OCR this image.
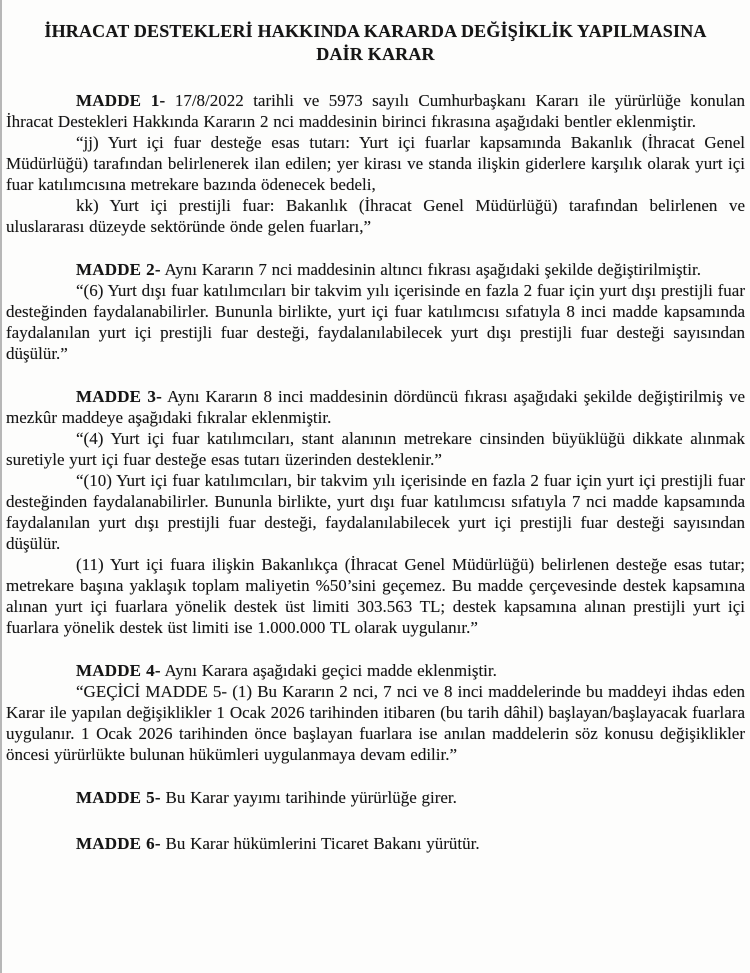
İHRACAT DESTEKLERİ HAKKINDA KARARDA DEĞİŞİKLİK YAPILMASINA
DAİR KARAR

MADDE 1- 17/8/2022 tarihli ve 5973 sayılı Cumhurbaşkanı Kararı ile yürürlüğe konulan İhracat Destekleri Hakkında Kararın 2 nci maddesinin birinci fıkrasına aşağıdaki bentler eklenmiştir.

“jj) Yurt içi fuar desteğe esas tutarı: Yurt içi fuarlar kapsamında Bakanlık (İhracat Genel Müdürlüğü) tarafından belirlenerek ilan edilen; yer kirası ve standa ilişkin giderlere karşılık olarak yurt içi fuar katılımcısına metrekare bazında ödenecek bedeli,

kk) Yurt içi prestijli fuar: Bakanlık (İhracat Genel Müdürlüğü) tarafından belirlenen ve uluslararası düzeyde sektöründe önde gelen fuarları,”

MADDE 2- Aynı Kararın 7 nci maddesinin altıncı fıkrası aşağıdaki şekilde değiştirilmiştir.

“(6) Yurt dışı fuar katılımcıları bir takvim yılı içerisinde en fazla 2 fuar için yurt dışı prestijli fuar desteğinden faydalanabilirler. Bununla birlikte, yurt içi fuar katılımcısı sıfatıyla 8 inci madde kapsamında faydalanılan yurt içi prestijli fuar desteği, faydalanılabilecek yurt dışı prestijli fuar desteği sayısından düşülür.”

MADDE 3- Aynı Kararın 8 inci maddesinin dördüncü fıkrası aşağıdaki şekilde değiştirilmiş ve mezkûr maddeye aşağıdaki fıkralar eklenmiştir.

“(4) Yurt içi fuar katılımcıları, stant alanının metrekare cinsinden büyüklüğü dikkate alınmak suretiyle yurt içi fuar desteğe esas tutarı üzerinden desteklenir.”

“(10) Yurt içi fuar katılımcıları, bir takvim yılı içerisinde en fazla 2 fuar için yurt içi prestijli fuar desteğinden faydalanabilirler. Bununla birlikte, yurt dışı fuar katılımcısı sıfatıyla 7 nci madde kapsamında faydalanılan yurt dışı prestijli fuar desteği, faydalanılabilecek yurt içi prestijli fuar desteği sayısından düşülür.

(11) Yurt içi fuara ilişkin Bakanlıkça (İhracat Genel Müdürlüğü) belirlenen desteğe esas tutar; metrekare başına yaklaşık toplam maliyetin %50’sini geçemez. Bu madde çerçevesinde destek kapsamına alınan yurt içi fuarlara yönelik destek üst limiti 303.563 TL; destek kapsamına alınan prestijli yurt içi fuarlara yönelik destek üst limiti ise 1.000.000 TL olarak uygulanır.”

MADDE 4- Aynı Karara aşağıdaki geçici madde eklenmiştir.

“GEÇİCİ MADDE 5- (1) Bu Kararın 2 nci, 7 nci ve 8 inci maddelerinde bu maddeyi ihdas eden Karar ile yapılan değişiklikler 1 Ocak 2026 tarihinden itibaren (bu tarih dâhil) başlayan/başlayacak fuarlara uygulanır. 1 Ocak 2026 tarihinden önce başlayan fuarlara ise anılan maddelerin söz konusu değişiklikler öncesi yürürlükte bulunan hükümleri uygulanmaya devam edilir.”

MADDE 5- Bu Karar yayımı tarihinde yürürlüğe girer.

MADDE 6- Bu Karar hükümlerini Ticaret Bakanı yürütür.
